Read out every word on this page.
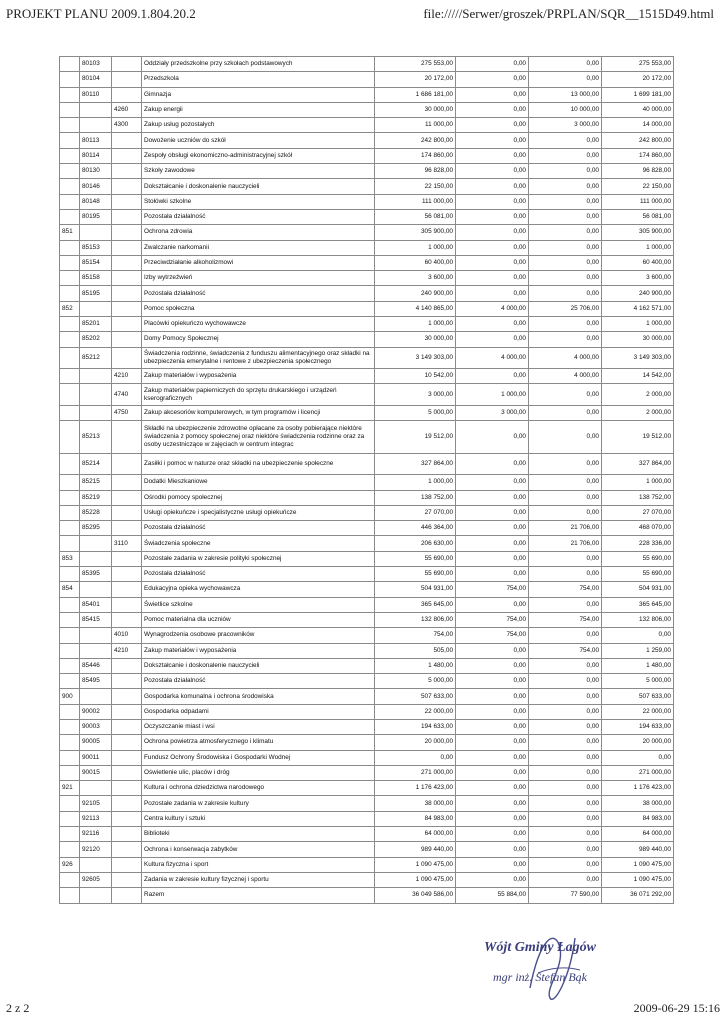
PROJEKT PLANU 2009.1.804.20.2	file://///Serwer/groszek/PRPLAN/SQR__1515D49.html
	80103		Oddziały przedszkolne przy szkołach podstawowych	275 553,00	0,00	0,00	275 553,00
	80104		Przedszkola	20 172,00	0,00	0,00	20 172,00
	80110		Gimnazja	1 686 181,00	0,00	13 000,00	1 699 181,00
		4260	Zakup energii	30 000,00	0,00	10 000,00	40 000,00
		4300	Zakup usług pozostałych	11 000,00	0,00	3 000,00	14 000,00
	80113		Dowożenie uczniów do szkół	242 800,00	0,00	0,00	242 800,00
	80114		Zespoły obsługi ekonomiczno-administracyjnej szkół	174 860,00	0,00	0,00	174 860,00
	80130		Szkoły zawodowe	96 828,00	0,00	0,00	96 828,00
	80146		Dokształcanie i doskonalenie nauczycieli	22 150,00	0,00	0,00	22 150,00
	80148		Stołówki szkolne	111 000,00	0,00	0,00	111 000,00
	80195		Pozostała działalność	56 081,00	0,00	0,00	56 081,00
851			Ochrona zdrowia	305 900,00	0,00	0,00	305 900,00
	85153		Zwalczanie narkomanii	1 000,00	0,00	0,00	1 000,00
	85154		Przeciwdziałanie alkoholizmowi	60 400,00	0,00	0,00	60 400,00
	85158		Izby wytrzeźwień	3 600,00	0,00	0,00	3 600,00
	85195		Pozostała działalność	240 900,00	0,00	0,00	240 900,00
852			Pomoc społeczna	4 140 865,00	4 000,00	25 706,00	4 162 571,00
	85201		Placówki opiekuńczo wychowawcze	1 000,00	0,00	0,00	1 000,00
	85202		Domy Pomocy Społecznej	30 000,00	0,00	0,00	30 000,00
	85212		Świadczenia rodzinne, świadczenia z funduszu alimentacyjnego oraz składki na ubezpieczenia emerytalne i rentowe z ubezpieczenia społecznego	3 149 303,00	4 000,00	4 000,00	3 149 303,00
		4210	Zakup materiałów i wyposażenia	10 542,00	0,00	4 000,00	14 542,00
		4740	Zakup materiałów papierniczych do sprzętu drukarskiego i urządzeń kserograficznych	3 000,00	1 000,00	0,00	2 000,00
		4750	Zakup akcesoriów komputerowych, w tym programów i licencji	5 000,00	3 000,00	0,00	2 000,00
	85213		Składki na ubezpieczenie zdrowotne opłacane za osoby pobierające niektóre świadczenia z pomocy społecznej oraz niektóre świadczenia rodzinne oraz za osoby uczestniczące w zajęciach w centrum integrac	19 512,00	0,00	0,00	19 512,00
	85214		Zasiłki i pomoc w naturze oraz składki na ubezpieczenie społeczne	327 864,00	0,00	0,00	327 864,00
	85215		Dodatki Mieszkaniowe	1 000,00	0,00	0,00	1 000,00
	85219		Ośrodki pomocy społecznej	138 752,00	0,00	0,00	138 752,00
	85228		Usługi opiekuńcze i specjalistyczne usługi opiekuńcze	27 070,00	0,00	0,00	27 070,00
	85295		Pozostała działalność	446 364,00	0,00	21 706,00	468 070,00
		3110	Świadczenia społeczne	206 630,00	0,00	21 706,00	228 336,00
853			Pozostałe zadania w zakresie polityki społecznej	55 690,00	0,00	0,00	55 690,00
	85395		Pozostała działalność	55 690,00	0,00	0,00	55 690,00
854			Edukacyjna opieka wychowawcza	504 931,00	754,00	754,00	504 931,00
	85401		Świetlice szkolne	365 645,00	0,00	0,00	365 645,00
	85415		Pomoc materialna dla uczniów	132 806,00	754,00	754,00	132 806,00
		4010	Wynagrodzenia osobowe pracowników	754,00	754,00	0,00	0,00
		4210	Zakup materiałów i wyposażenia	505,00	0,00	754,00	1 259,00
	85446		Dokształcanie i doskonalenie nauczycieli	1 480,00	0,00	0,00	1 480,00
	85495		Pozostała działalność	5 000,00	0,00	0,00	5 000,00
900			Gospodarka komunalna i ochrona środowiska	507 633,00	0,00	0,00	507 633,00
	90002		Gospodarka odpadami	22 000,00	0,00	0,00	22 000,00
	90003		Oczyszczanie miast i wsi	194 633,00	0,00	0,00	194 633,00
	90005		Ochrona powietrza atmosferycznego i klimatu	20 000,00	0,00	0,00	20 000,00
	90011		Fundusz Ochrony Środowiska i Gospodarki Wodnej	0,00	0,00	0,00	0,00
	90015		Oświetlenie ulic, placów i dróg	271 000,00	0,00	0,00	271 000,00
921			Kultura i ochrona dziedzictwa narodowego	1 176 423,00	0,00	0,00	1 176 423,00
	92105		Pozostałe zadania w zakresie kultury	38 000,00	0,00	0,00	38 000,00
	92113		Centra kultury i sztuki	84 983,00	0,00	0,00	84 983,00
	92116		Biblioteki	64 000,00	0,00	0,00	64 000,00
	92120		Ochrona i konserwacja zabytków	989 440,00	0,00	0,00	989 440,00
926			Kultura fizyczna i sport	1 090 475,00	0,00	0,00	1 090 475,00
	92605		Zadania w zakresie kultury fizycznej i sportu	1 090 475,00	0,00	0,00	1 090 475,00
			Razem	36 049 586,00	55 884,00	77 590,00	36 071 292,00
Wójt Gminy Łagów
mgr inż. Stefan Bąk
2 z 2	2009-06-29 15:16
